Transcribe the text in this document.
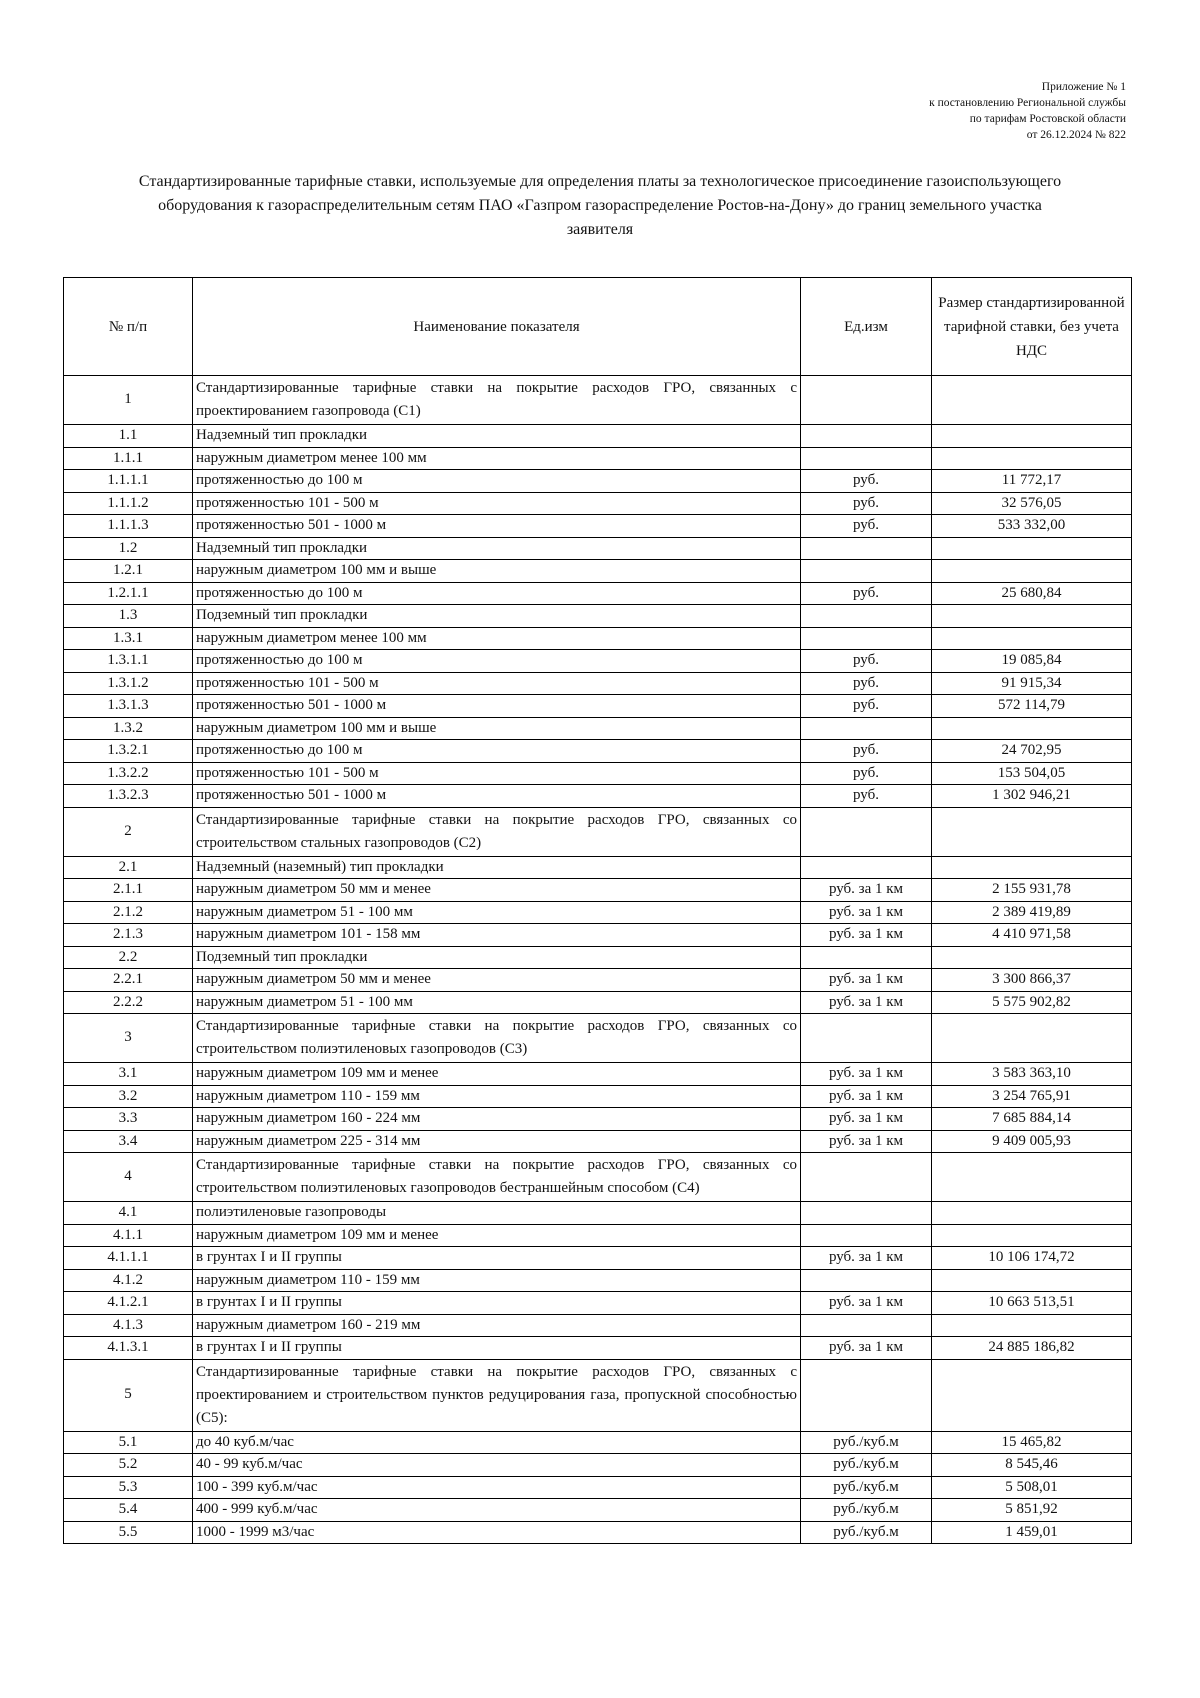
Приложение № 1
к постановлению Региональной службы
по тарифам Ростовской области
от 26.12.2024 № 822
Стандартизированные тарифные ставки, используемые для определения платы за технологическое присоединение газоиспользующего
оборудования к газораспределительным сетям ПАО «Газпром газораспределение Ростов-на-Дону» до границ земельного участка
заявителя
№ п/п	Наименование показателя	Ед.изм	Размер стандартизированной тарифной ставки, без учета НДС
1	Стандартизированные тарифные ставки на покрытие расходов ГРО, связанных с проектированием газопровода (С1)		
1.1	Надземный тип прокладки		
1.1.1	наружным диаметром менее 100 мм		
1.1.1.1	протяженностью до 100 м	руб.	11 772,17
1.1.1.2	протяженностью 101 - 500 м	руб.	32 576,05
1.1.1.3	протяженностью 501 - 1000 м	руб.	533 332,00
1.2	Надземный тип прокладки		
1.2.1	наружным диаметром 100 мм и выше		
1.2.1.1	протяженностью до 100 м	руб.	25 680,84
1.3	Подземный тип прокладки		
1.3.1	наружным диаметром менее 100 мм		
1.3.1.1	протяженностью до 100 м	руб.	19 085,84
1.3.1.2	протяженностью 101 - 500 м	руб.	91 915,34
1.3.1.3	протяженностью 501 - 1000 м	руб.	572 114,79
1.3.2	наружным диаметром 100 мм и выше		
1.3.2.1	протяженностью до 100 м	руб.	24 702,95
1.3.2.2	протяженностью 101 - 500 м	руб.	153 504,05
1.3.2.3	протяженностью 501 - 1000 м	руб.	1 302 946,21
2	Стандартизированные тарифные ставки на покрытие расходов ГРО, связанных со строительством стальных газопроводов (С2)		
2.1	Надземный (наземный) тип прокладки		
2.1.1	наружным диаметром 50 мм и менее	руб. за 1 км	2 155 931,78
2.1.2	наружным диаметром 51 - 100 мм	руб. за 1 км	2 389 419,89
2.1.3	наружным диаметром 101 - 158 мм	руб. за 1 км	4 410 971,58
2.2	Подземный тип прокладки		
2.2.1	наружным диаметром 50 мм и менее	руб. за 1 км	3 300 866,37
2.2.2	наружным диаметром 51 - 100 мм	руб. за 1 км	5 575 902,82
3	Стандартизированные тарифные ставки на покрытие расходов ГРО, связанных со строительством полиэтиленовых газопроводов (С3)		
3.1	наружным диаметром 109 мм и менее	руб. за 1 км	3 583 363,10
3.2	наружным диаметром 110 - 159 мм	руб. за 1 км	3 254 765,91
3.3	наружным диаметром 160 - 224 мм	руб. за 1 км	7 685 884,14
3.4	наружным диаметром 225 - 314 мм	руб. за 1 км	9 409 005,93
4	Стандартизированные тарифные ставки на покрытие расходов ГРО, связанных со строительством полиэтиленовых газопроводов бестраншейным способом (С4)		
4.1	полиэтиленовые газопроводы		
4.1.1	наружным диаметром 109 мм и менее		
4.1.1.1	в грунтах I и II группы	руб. за 1 км	10 106 174,72
4.1.2	наружным диаметром 110 - 159 мм		
4.1.2.1	в грунтах I и II группы	руб. за 1 км	10 663 513,51
4.1.3	наружным диаметром 160 - 219 мм		
4.1.3.1	в грунтах I и II группы	руб. за 1 км	24 885 186,82
5	Стандартизированные тарифные ставки на покрытие расходов ГРО, связанных с проектированием и строительством пунктов редуцирования газа, пропускной способностью (С5):		
5.1	до 40 куб.м/час	руб./куб.м	15 465,82
5.2	40 - 99 куб.м/час	руб./куб.м	8 545,46
5.3	100 - 399 куб.м/час	руб./куб.м	5 508,01
5.4	400 - 999 куб.м/час	руб./куб.м	5 851,92
5.5	1000 - 1999 м3/час	руб./куб.м	1 459,01
